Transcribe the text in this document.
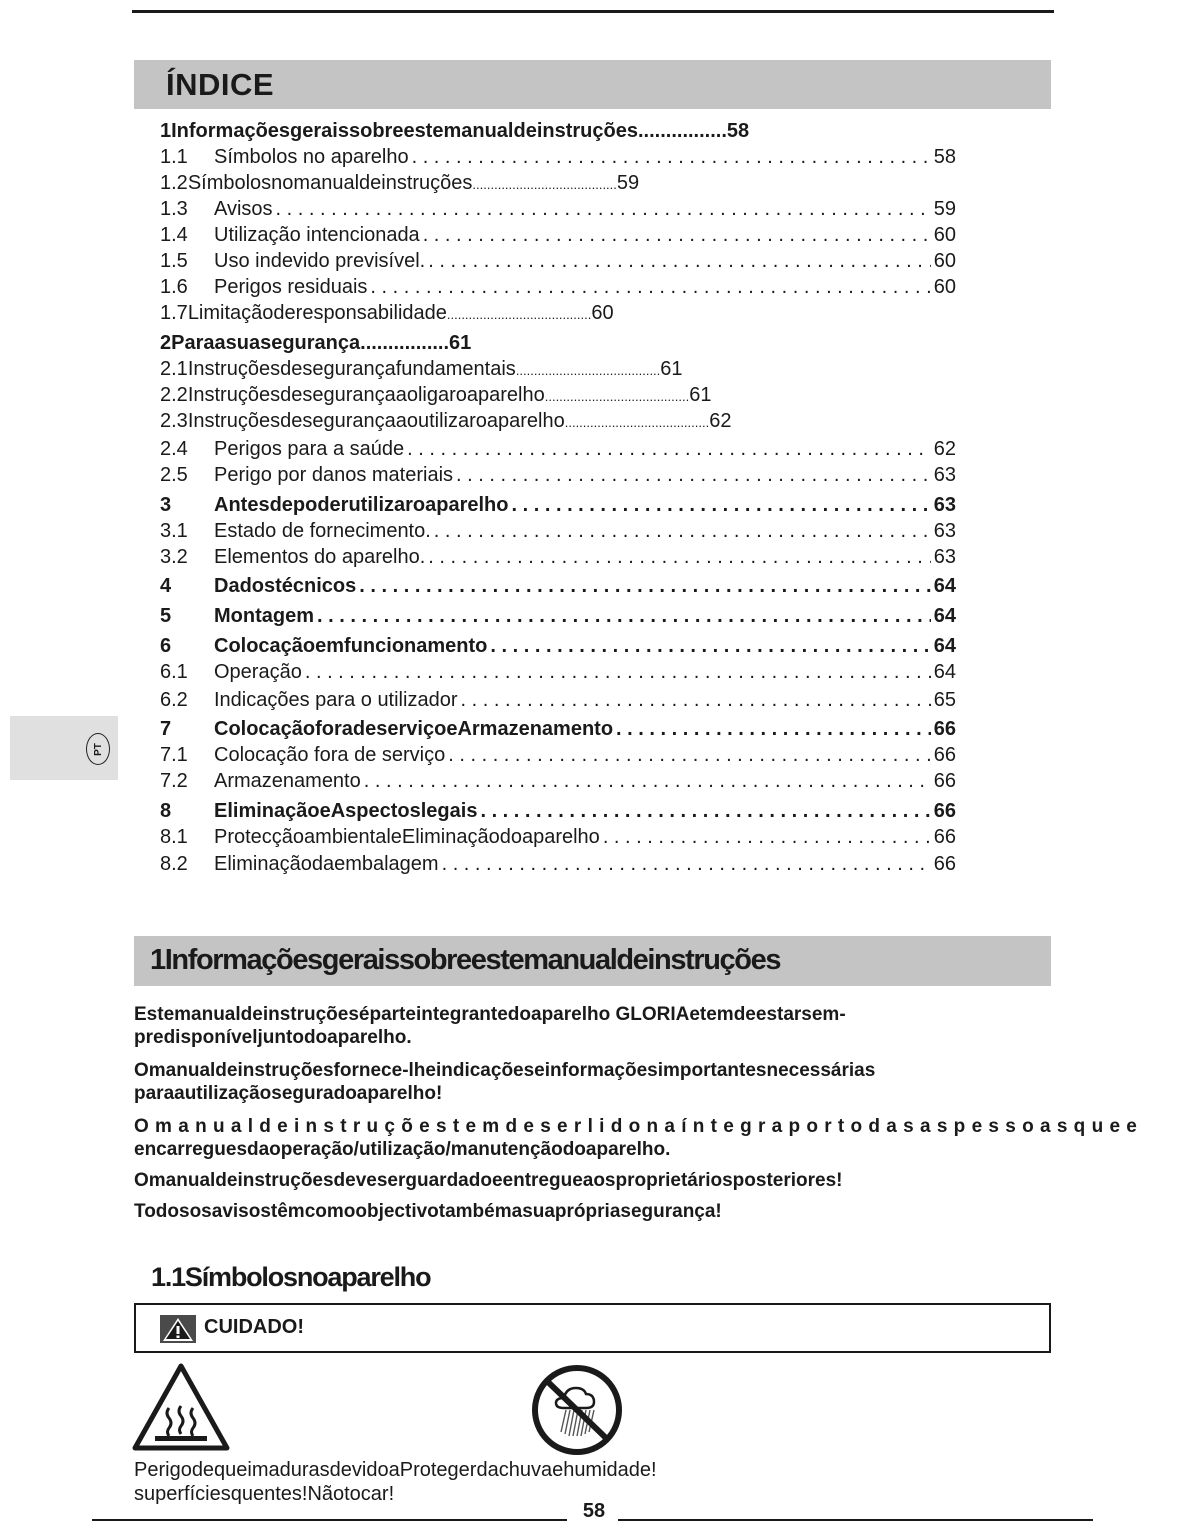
ÍNDICE
1Informaçõesgeraissobreestemanualdeinstruções................58
1.1	Símbolos no aparelho . . .	58
1.2Símbolosnomanualdeinstruções........................................59
1.3	Avisos . . .	59
1.4	Utilização intencionada . . .	60
1.5	Uso indevido previsível. . . .	60
1.6	Perigos residuais . . .	60
1.7Limitaçãoderesponsabilidade........................................60
2Paraasuasegurança................61
2.1Instruçõesdesegurançafundamentais........................................61
2.2Instruçõesdesegurançaaoligaroaparelho........................................61
2.3Instruçõesdesegurançaaoutilizaroaparelho........................................62
2.4	Perigos para a saúde . . .	62
2.5	Perigo por danos materiais . . .	63
3	Antesdepoderutilizaroaparelho . . .	63
3.1	Estado de fornecimento. . . .	63
3.2	Elementos do aparelho. . . .	63
4	Dadostécnicos . . .	64
5	Montagem . . .	64
6	Colocaçãoemfuncionamento . . .	64
6.1	Operação . . .	64
6.2	Indicações para o utilizador . . .	65
7	ColocaçãoforadeserviçoeArmazenamento . . .	66
7.1	Colocação fora de serviço . . .	66
7.2	Armazenamento . . .	66
8	EliminaçãoeAspectoslegais . . .	66
8.1	ProtecçãoambientaleEliminaçãodoaparelho . . .	66
8.2	Eliminaçãodaembalagem . . .	66
PT
1Informaçõesgeraissobreestemanualdeinstruções

Estemanualdeinstruçõeséparteintegrantedoaparelho GLORIAetemdeestarsem-

predisponíveljuntodoaparelho.

Omanualdeinstruçõesfornece-lheindicaçõeseinformaçõesimportantesnecessárias

paraautilizaçãoseguradoaparelho!

O m a n u a l d e i n s t r u ç õ e s t e m d e s e r l i d o n a í n t e g r a p o r t o d a s a s p e s s o a s q u e e

encarreguesdaoperação/utilização/manutençãodoaparelho.

Omanualdeinstruçõesdeveserguardadoeentregueaosproprietáriosposteriores!

Todososavisostêmcomoobjectivotambémasuaprópriasegurança!

1.1Símbolosnoaparelho
CUIDADO!
PerigodequeimadurasdevidoaProtegerdachuvaehumidade!
superfíciesquentes!Nãotocar!
58
